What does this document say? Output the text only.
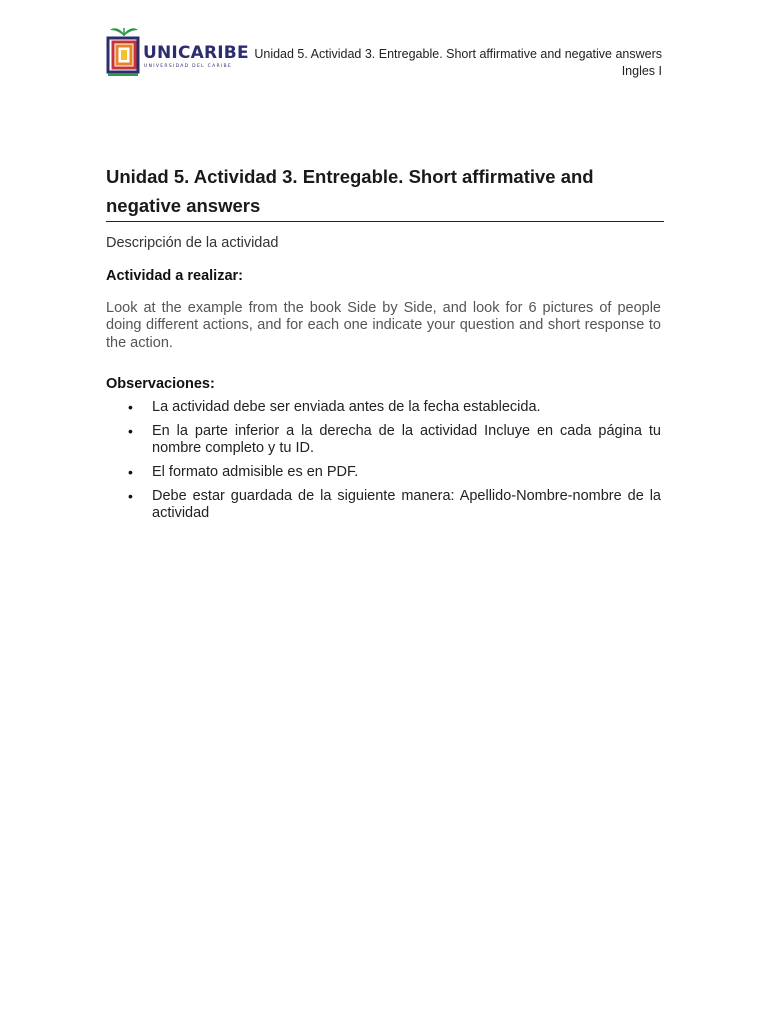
UNICARIBE
UNIVERSIDAD DEL CARIBE
Unidad 5. Actividad 3. Entregable. Short affirmative and negative answers
Ingles I
Unidad 5. Actividad 3. Entregable. Short affirmative and negative answers
Descripción de la actividad
Actividad a realizar:
Look at the example from the book Side by Side, and look for 6 pictures of people doing different actions, and for each one indicate your question and short response to the action.
Observaciones:
• La actividad debe ser enviada antes de la fecha establecida.
• En la parte inferior a la derecha de la actividad Incluye en cada página tu nombre completo y tu ID.
• El formato admisible es en PDF.
• Debe estar guardada de la siguiente manera: Apellido-Nombre-nombre de la actividad
